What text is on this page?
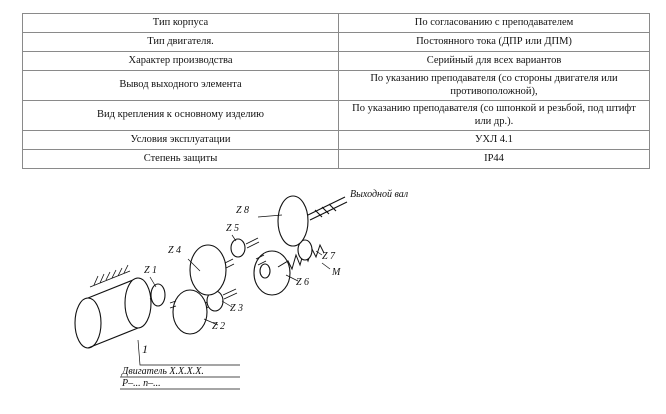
Тип корпуса	По согласованию с преподавателем
Тип двигателя.	Постоянного тока (ДПР или ДПМ)
Характер производства	Серийный для всех вариантов
Вывод выходного элемента	По указанию преподавателя (со стороны двигателя или противоположной),
Вид крепления к основному изделию	По указанию преподавателя (со шпонкой и резьбой, под штифт или др.).
Условия эксплуатации	УХЛ 4.1
Степень защиты	IP44
Выходной вал
Z 1
Z 2
Z 3
Z 4
Z 5
Z 6
Z 7
Z 8
M
1
Двигатель X.X.X.X.
P–... n–...
